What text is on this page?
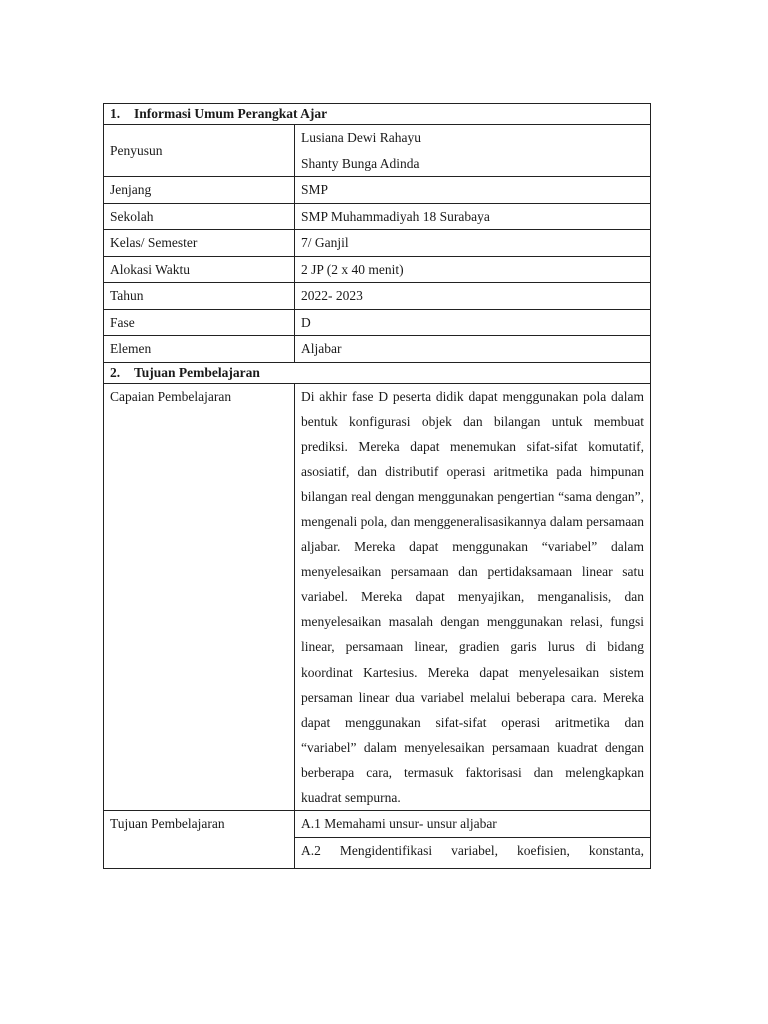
1. Informasi Umum Perangkat Ajar	
Penyusun	Lusiana Dewi Rahayu
Shanty Bunga Adinda

Jenjang	SMP
Sekolah	SMP Muhammadiyah 18 Surabaya
Kelas/ Semester	7/ Ganjil
Alokasi Waktu	2 JP (2 x 40 menit)
Tahun	2022- 2023
Fase	D
Elemen	Aljabar
2. Tujuan Pembelajaran	
Capaian Pembelajaran	Di akhir fase D peserta didik dapat menggunakan pola dalam bentuk konfigurasi objek dan bilangan untuk membuat prediksi. Mereka dapat menemukan sifat-sifat komutatif, asosiatif, dan distributif operasi aritmetika pada himpunan bilangan real dengan menggunakan pengertian “sama dengan”, mengenali pola, dan menggeneralisasikannya dalam persamaan aljabar. Mereka dapat menggunakan “variabel” dalam menyelesaikan persamaan dan pertidaksamaan linear satu variabel. Mereka dapat menyajikan, menganalisis, dan menyelesaikan masalah dengan menggunakan relasi, fungsi linear, persamaan linear, gradien garis lurus di bidang koordinat Kartesius. Mereka dapat menyelesaikan sistem persaman linear dua variabel melalui beberapa cara. Mereka dapat menggunakan sifat-sifat operasi aritmetika dan “variabel” dalam menyelesaikan persamaan kuadrat dengan berberapa cara, termasuk faktorisasi dan melengkapkan kuadrat sempurna.
Tujuan Pembelajaran	A.1 Memahami unsur- unsur aljabar
	A.2 Mengidentifikasi variabel, koefisien, konstanta,
